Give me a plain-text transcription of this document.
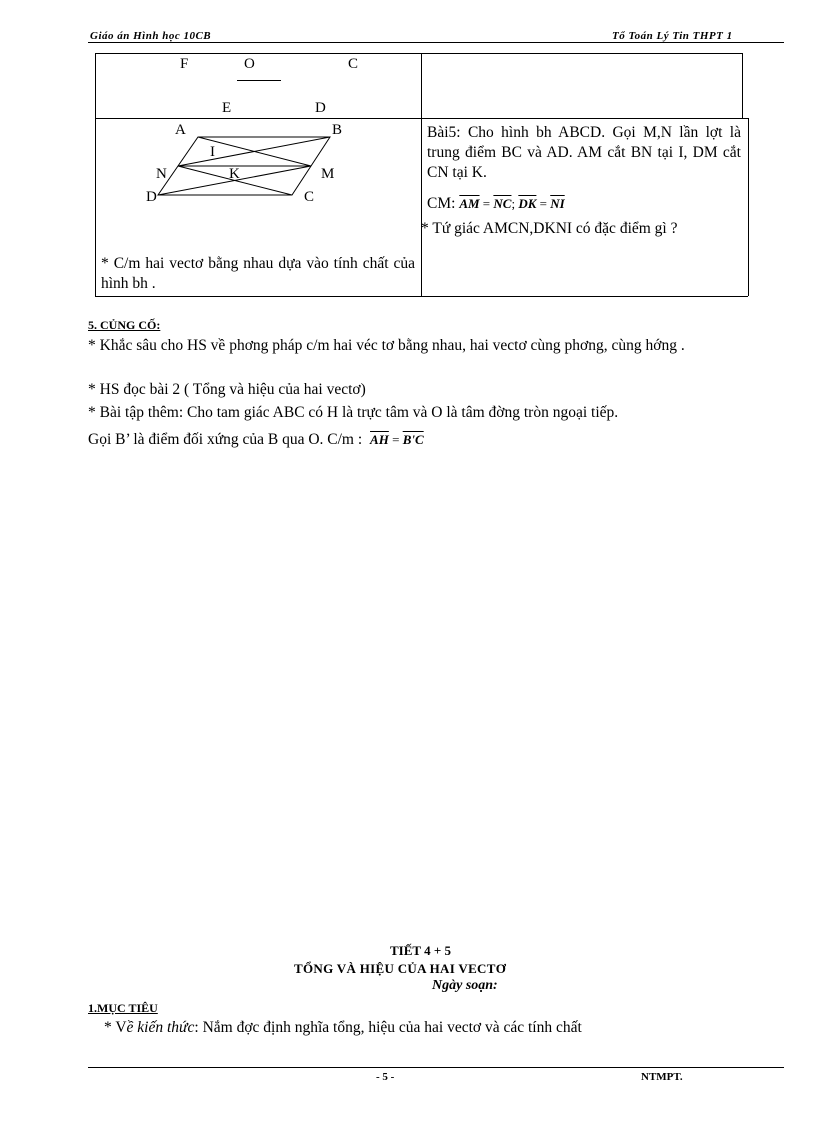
Giáo án Hình học 10CB	Tổ Toán Lý Tin THPT 1
F	O	C
E	D
A	B
I
N	K	M
D	C
* C/m hai vectơ bằng nhau dựa vào tính chất của hình bh .
Bài5: Cho hình bh ABCD. Gọi M,N lần lợt là trung điểm BC và AD. AM cắt BN tại I, DM cắt CN tại K.
CM: $\overline{AM} = \overline{NC}$; $\overline{DK} = \overline{NI}$
* Tứ giác AMCN,DKNI có đặc điểm gì ?
5. CỦNG CỐ:
* Khắc sâu cho HS về phơng pháp c/m hai véc tơ bằng nhau, hai vectơ cùng phơng, cùng hớng .
* HS đọc bài 2 ( Tổng và hiệu của hai vectơ)
* Bài tập thêm: Cho tam giác ABC có H là trực tâm và O là tâm đờng tròn ngoại tiếp.
Gọi B’ là điểm đối xứng của B qua O. C/m : $\overline{AH} = B'C$
TIẾT 4 + 5
TỔNG VÀ HIỆU CỦA HAI VECTƠ
Ngày soạn:
1.MỤC TIÊU
* Về kiến thức: Nắm đợc định nghĩa tổng, hiệu của hai vectơ và các tính chất
- 5 -	NTMPT.
